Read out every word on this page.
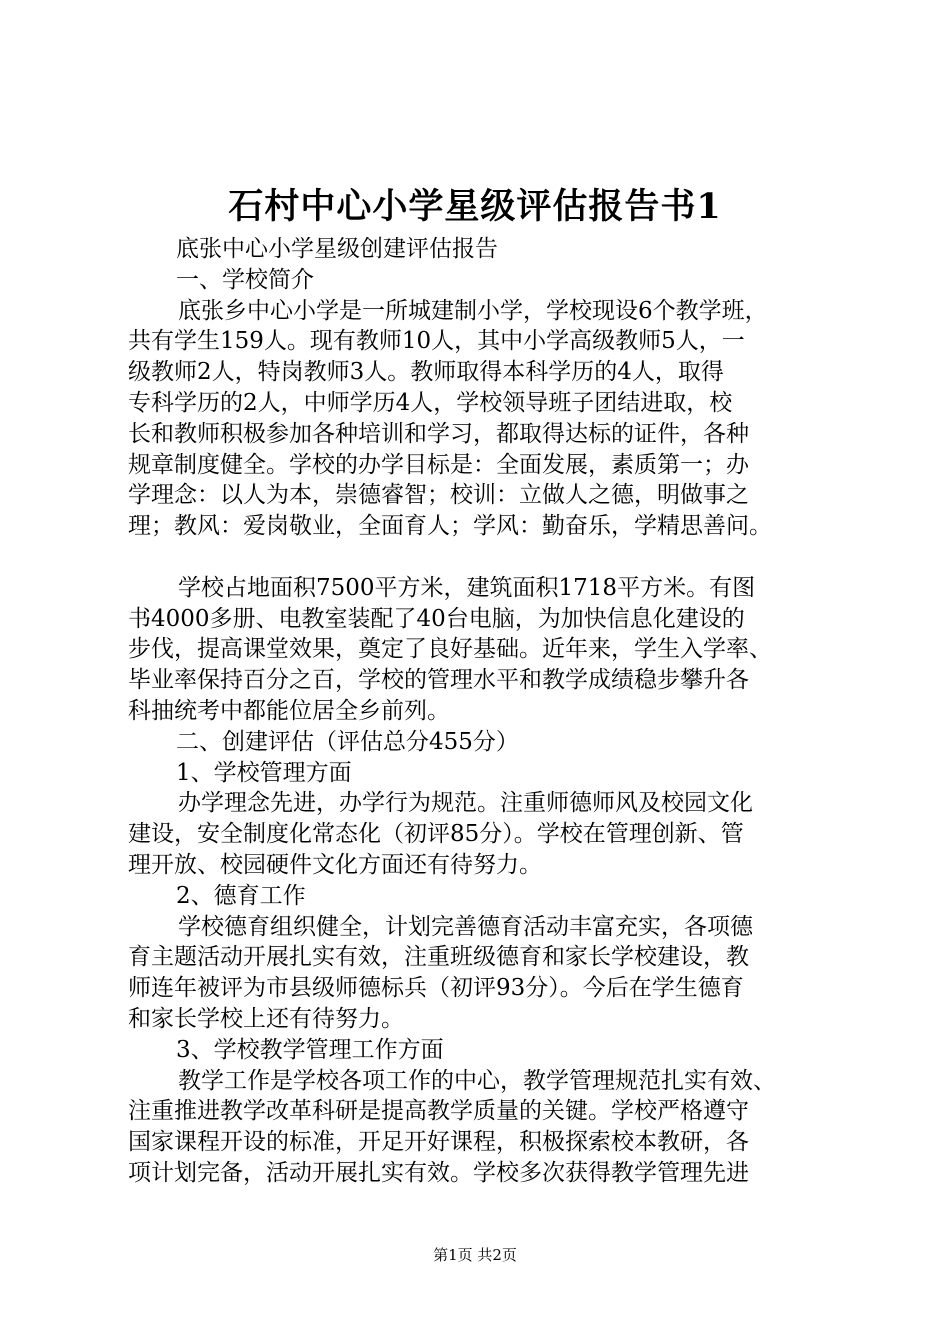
石村中心小学星级评估报告书1
底张中心小学星级创建评估报告
一、学校简介
底张乡中心小学是一所城建制小学，学校现设6个教学班，
共有学生159人。现有教师10人，其中小学高级教师5人，一
级教师2人，特岗教师3人。教师取得本科学历的4人，取得
专科学历的2人，中师学历4人，学校领导班子团结进取，校
长和教师积极参加各种培训和学习，都取得达标的证件，各种
规章制度健全。学校的办学目标是：全面发展，素质第一；办
学理念：以人为本，崇德睿智；校训：立做人之德，明做事之
理；教风：爱岗敬业，全面育人；学风：勤奋乐，学精思善问。
学校占地面积7500平方米，建筑面积1718平方米。有图
书4000多册、电教室装配了40台电脑，为加快信息化建设的
步伐，提高课堂效果，奠定了良好基础。近年来，学生入学率、
毕业率保持百分之百，学校的管理水平和教学成绩稳步攀升各
科抽统考中都能位居全乡前列。
二、创建评估（评估总分455分）
1、学校管理方面
办学理念先进，办学行为规范。注重师德师风及校园文化
建设，安全制度化常态化（初评85分）。学校在管理创新、管
理开放、校园硬件文化方面还有待努力。
2、德育工作
学校德育组织健全，计划完善德育活动丰富充实，各项德
育主题活动开展扎实有效，注重班级德育和家长学校建设，教
师连年被评为市县级师德标兵（初评93分）。今后在学生德育
和家长学校上还有待努力。
3、学校教学管理工作方面
教学工作是学校各项工作的中心，教学管理规范扎实有效、
注重推进教学改革科研是提高教学质量的关键。学校严格遵守
国家课程开设的标准，开足开好课程，积极探索校本教研，各
项计划完备，活动开展扎实有效。学校多次获得教学管理先进
第1页 共2页
